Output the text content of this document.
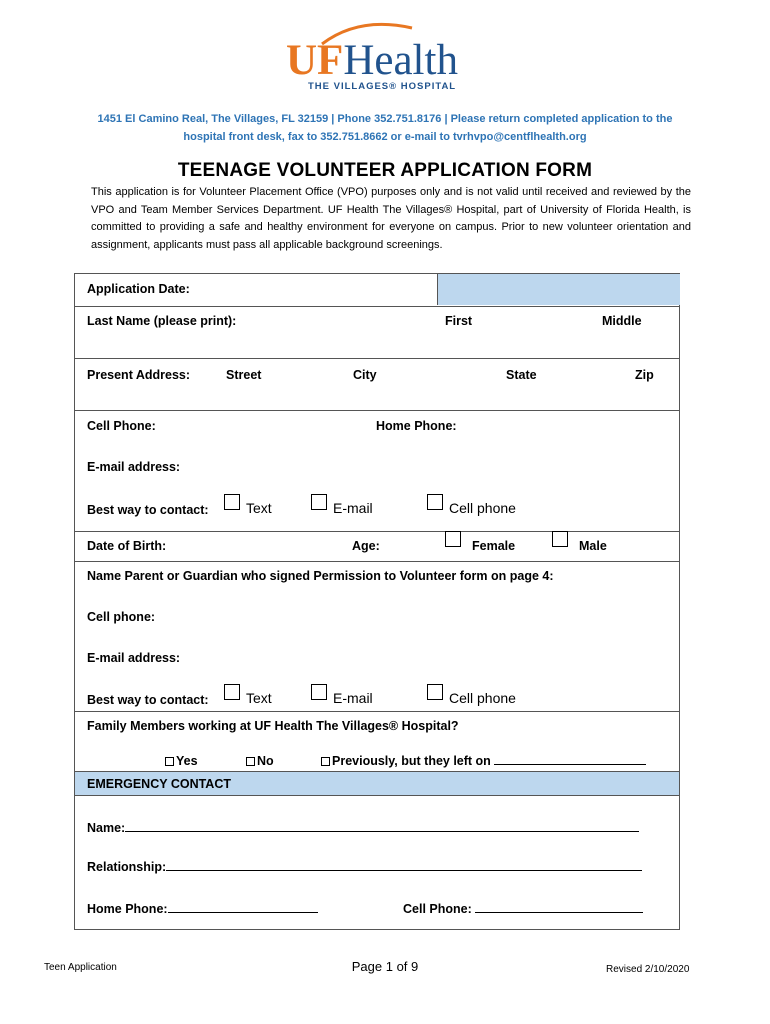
UFHealth
THE VILLAGES® HOSPITAL
1451 El Camino Real, The Villages, FL 32159 | Phone 352.751.8176 | Please return completed application to the
hospital front desk, fax to 352.751.8662 or e-mail to tvrhvpo@centflhealth.org
TEENAGE VOLUNTEER APPLICATION FORM
This application is for Volunteer Placement Office (VPO) purposes only and is not valid until received and reviewed by the VPO and Team Member Services Department. UF Health The Villages® Hospital, part of University of Florida Health, is committed to providing a safe and healthy environment for everyone on campus. Prior to new volunteer orientation and assignment, applicants must pass all applicable background screenings.
Application Date:
Last Name (please print):	First	Middle
Present Address:	Street	City	State	Zip
Cell Phone:	Home Phone:
E-mail address:
Best way to contact:	Text	E-mail	Cell phone
Date of Birth:	Age:	Female	Male
Name Parent or Guardian who signed Permission to Volunteer form on page 4:
Cell phone:
E-mail address:
Best way to contact:	Text	E-mail	Cell phone
Family Members working at UF Health The Villages® Hospital?
Yes	No	Previously, but they left on
EMERGENCY CONTACT
Name:
Relationship:
Home Phone:	Cell Phone:
Teen Application	Page 1 of 9	Revised 2/10/2020
